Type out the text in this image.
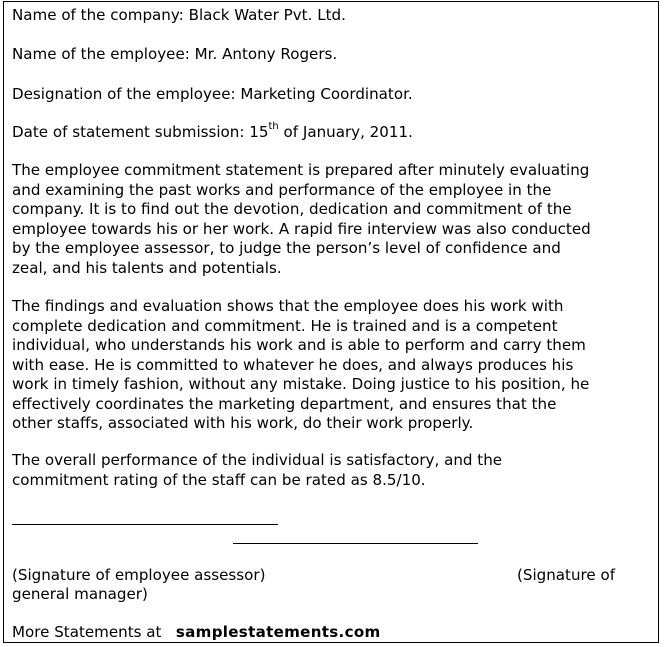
Name of the company: Black Water Pvt. Ltd.
Name of the employee: Mr. Antony Rogers.
Designation of the employee: Marketing Coordinator.
Date of statement submission: 15th of January, 2011.
The employee commitment statement is prepared after minutely evaluating
and examining the past works and performance of the employee in the
company. It is to find out the devotion, dedication and commitment of the
employee towards his or her work. A rapid fire interview was also conducted
by the employee assessor, to judge the person’s level of confidence and
zeal, and his talents and potentials.
The findings and evaluation shows that the employee does his work with
complete dedication and commitment. He is trained and is a competent
individual, who understands his work and is able to perform and carry them
with ease. He is committed to whatever he does, and always produces his
work in timely fashion, without any mistake. Doing justice to his position, he
effectively coordinates the marketing department, and ensures that the
other staffs, associated with his work, do their work properly.
The overall performance of the individual is satisfactory, and the
commitment rating of the staff can be rated as 8.5/10.
(Signature of employee assessor)	(Signature of
general manager)
More Statements at samplestatements.com
